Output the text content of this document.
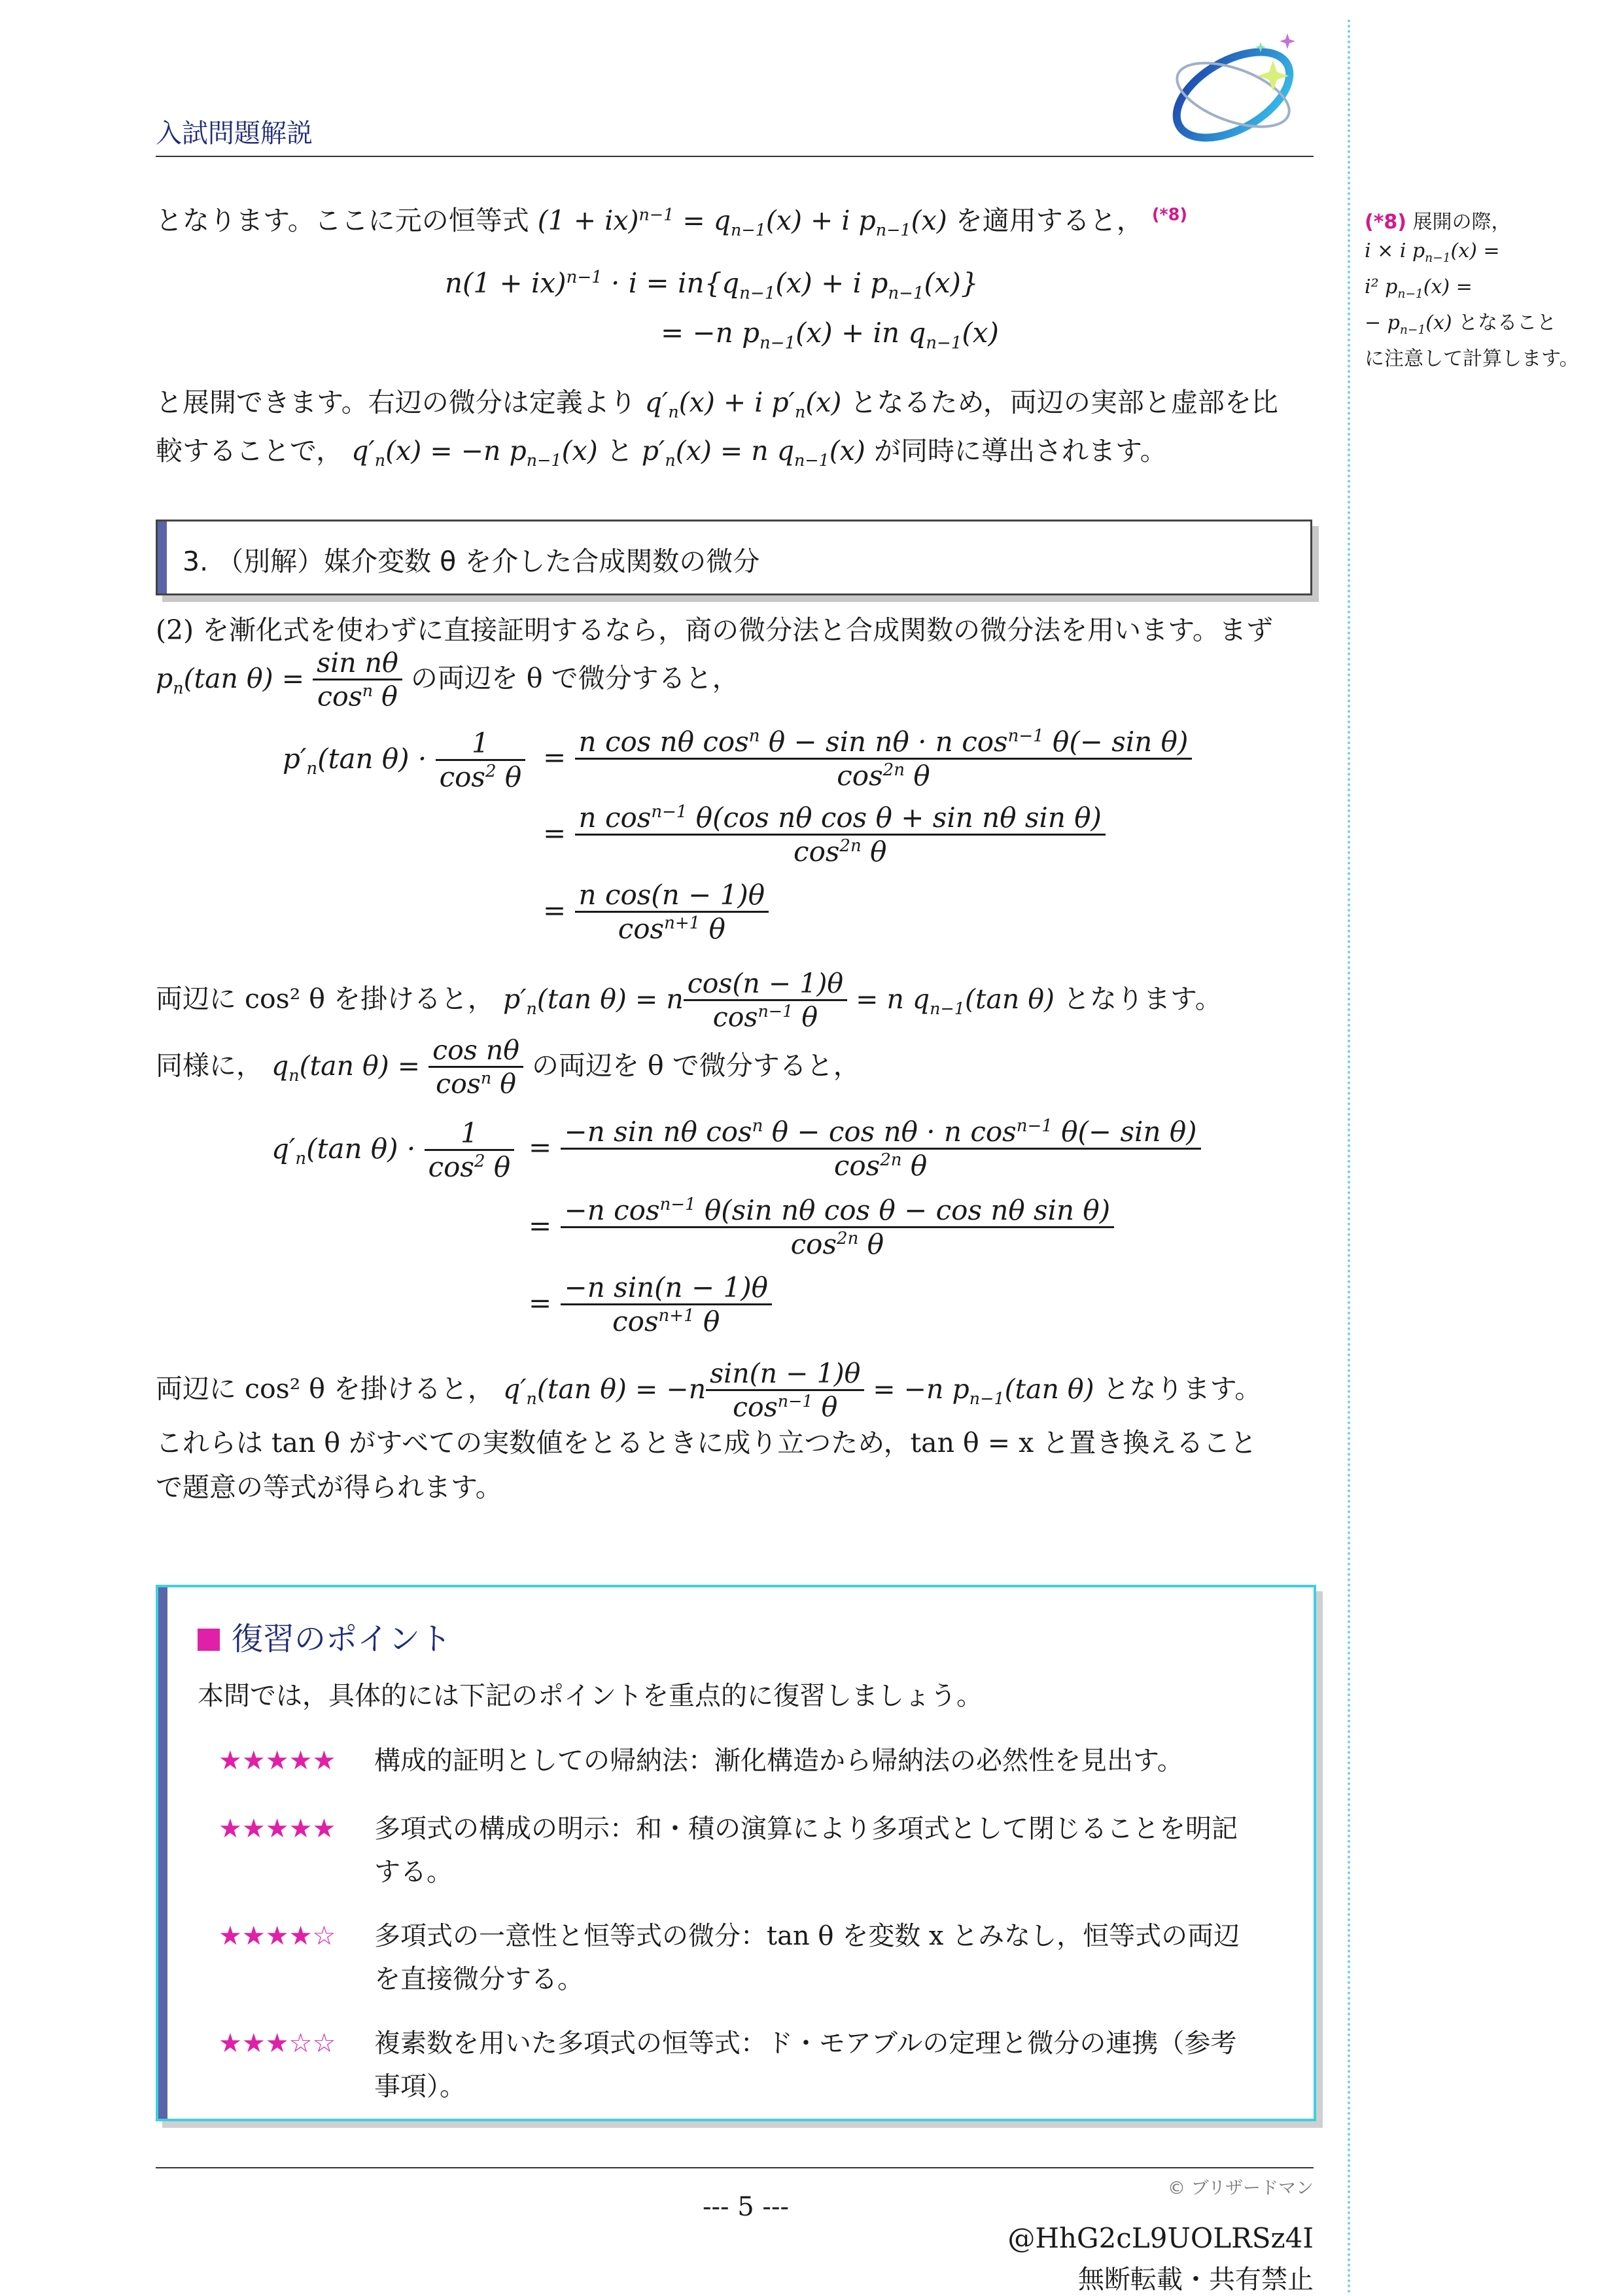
入試問題解説
(*8) 展開の際，
i × i $p_{n-1}(x)$ =
i² $p_{n-1}(x)$ =
− $p_{n-1}(x)$ となること
に注意して計算します。
となります。ここに元の恒等式 $(1 + ix)^{n-1} = q_{n-1}(x) + i$ $p_{n-1}(x)$ を適用すると， $^{(*8)}$
$n(1 + ix)^{n-1} \cdot i = in\{q_{n-1}(x) + i$ $p_{n-1}(x)$}
= −n $p_{n-1}(x)$ + in $q_{n-1}(x)$
と展開できます。右辺の微分は定義より $q'_n(x) + i$ $p'_n(x)$ となるため，両辺の実部と虚部を比
較することで， $q'_n(x) = -n$ $p_{n-1}(x)$ と $p'_n(x) = n$ $q_{n-1}(x)$ が同時に導出されます。
3. （別解）媒介変数 θ を介した合成関数の微分
(2) を漸化式を使わずに直接証明するなら，商の微分法と合成関数の微分法を用います。まず
$p_n(\tan$ $\theta) = \frac{\text{sin nθ}}{\cos^n \theta}$ の両辺を θ で微分すると，
$p'_n(\tan$ $\theta) \cdot \frac{1}{\cos^2 \theta} = \frac{n \cos n\theta \cos^n \theta - \sin n\theta \cdot n \cos^{n-1} \theta(- \sin \theta)}{\cos^{2n} \theta}$
= $\frac{n \cos^{n-1} \theta(\cos n\theta \cos \theta + \sin n\theta \sin \theta)}{\cos^{2n} \theta}$
= $\frac{\text{n cos(n − 1)θ}}{\cos^{n+1} \theta}$
両辺に cos² θ を掛けると， $p'_n(\tan$ θ) = n $\frac{\cos(n - 1)\theta}{\cos^{n-1} \theta} = n$ $q_{n-1}(\tan$ θ) となります。
同様に， $q_n(\tan$ $\theta) = \frac{\text{cos nθ}}{\cos^n \theta}$ の両辺を θ で微分すると，
$q'_n(\tan$ $\theta) \cdot \frac{1}{\cos^2 \theta} = \frac{-n \sin n\theta \cos^n \theta - \cos n\theta \cdot n \cos^{n-1} \theta(- \sin \theta)}{\cos^{2n} \theta}$
= $\frac{-n \cos^{n-1} \theta(\sin n\theta \cos \theta - \cos n\theta \sin \theta)}{\cos^{2n} \theta}$
= $\frac{\text{−n sin(n − 1)θ}}{\cos^{n+1} \theta}$
両辺に cos² θ を掛けると， $q'_n(\tan$ $\theta) = -n \frac{\sin(n - 1)\theta}{\cos^{n-1} \theta} = -n$ $p_{n-1}(\tan$ θ) となります。
これらは tan θ がすべての実数値をとるときに成り立つため，tan θ = x と置き換えること
で題意の等式が得られます。
復習のポイント
本問では，具体的には下記のポイントを重点的に復習しましょう。
★★★★★ 構成的証明としての帰納法：漸化構造から帰納法の必然性を見出す。
★★★★★ 多項式の構成の明示：和・積の演算により多項式として閉じることを明記
する。
★★★★☆ 多項式の一意性と恒等式の微分：tan θ を変数 x とみなし，恒等式の両辺
を直接微分する。
★★★☆☆ 複素数を用いた多項式の恒等式：ド・モアブルの定理と微分の連携（参考
事項）。
© ブリザードマン
--- 5 ---
@HhG2cL9UOLRSz4I
無断転載・共有禁止
